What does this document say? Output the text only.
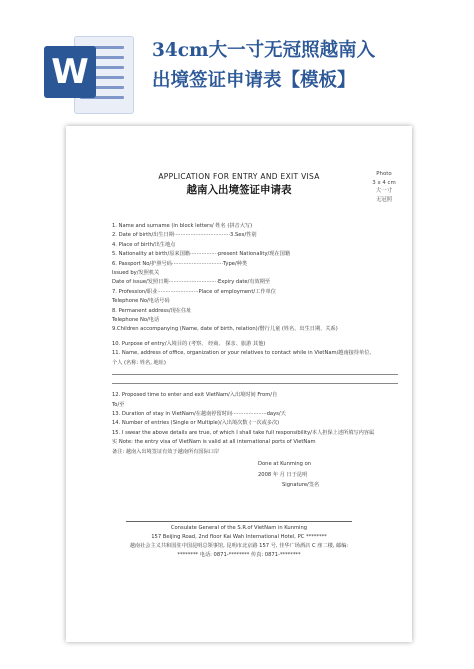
W
34cm大一寸无冠照越南入
出境签证申请表【模板】
APPLICATION FOR ENTRY AND EXIT VISA
越南入出境签证申请表
Photo
3 x 4 cm
大一寸
无冠照
1. Name and surname (in block letters/ 姓名 (拼音大写)
2. Date of birth/出生日期··································3.Sex/性别
4. Place of birth/出生地点
5. Nationality at birth/原来国籍·················present Nationality/现在国籍
6. Passport No/护照号码·······························Type/种类
Issued by/发照机关
Date of issue/发照日期······························Expiry date/有效期至
7. Profession/职业·························Place of employment/工作单位
Telephone No/电话号码
8. Permanent address/现在住址
Telephone No/电话
9.Children accompanying (Name, date of birth, relation)/偕行儿童 (姓名、出生日期、关系)
10. Purpose of entry/入境目的 (考察、 经商、 探亲、旅游 其他)
11. Name, address of office, organization or your relatives to contact while in VietNam/越南接待单位,
个人 (名称: 姓名, 地址)
12. Proposed time to enter and exit VietNam/入出境时间 From/自
To/至
13. Duration of stay in VietNam/在越南停留时间·····················days/天
14. Number of entries (Single or Multiple)/入出境次数 (一次或多次)
15. I swear the above details are true, of which I shall take full responsibility/本人担保上述所填写内容属
实 Note: the entry visa of VietNam is valid at all international ports of VietNam
备注: 越南入出境签证有效于越南所有国际口岸
Done at Kunming on
2008 年 月 日于昆明
Signature/签名
Consulate General of the S.R.of VietNam in Kunming
157 Beijing Road, 2nd floor Kai Wah International Hotel, PC ********
越南社会主义共和国驻中国昆明总领事馆, 昆明市北京路 157 号, 佳华广场酒店 C 座二楼, 邮编:
******** 电话: 0871-******** 传真: 0871-********
